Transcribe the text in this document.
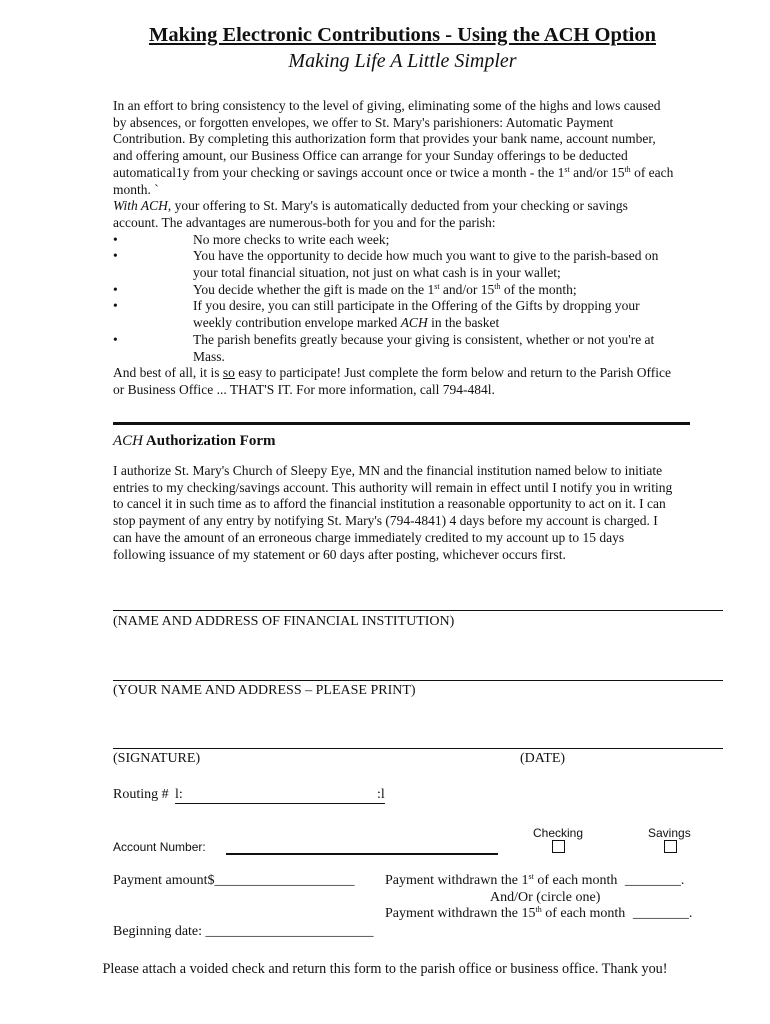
Making Electronic Contributions - Using the ACH Option
Making Life A Little Simpler

In an effort to bring consistency to the level of giving, eliminating some of the highs and lows caused
by absences, or forgotten envelopes, we offer to St. Mary's parishioners: Automatic Payment
Contribution. By completing this authorization form that provides your bank name, account number,
and offering amount, our Business Office can arrange for your Sunday offerings to be deducted
automatical1y from your checking or savings account once or twice a month - the 1st and/or 15th of each
month. `

With ACH, your offering to St. Mary's is automatically deducted from your checking or savings
account. The advantages are numerous-both for you and for the parish:

•	No more checks to write each week;
•	You have the opportunity to decide how much you want to give to the parish-based on
your total financial situation, not just on what cash is in your wallet;
•	You decide whether the gift is made on the 1st and/or 15th of the month;
•	If you desire, you can still participate in the Offering of the Gifts by dropping your
weekly contribution envelope marked ACH in the basket
•	The parish benefits greatly because your giving is consistent, whether or not you're at
Mass.

And best of all, it is so easy to participate! Just complete the form below and return to the Parish Office
or Business Office ... THAT'S IT. For more information, call 794-484l.

ACH Authorization Form
I authorize St. Mary's Church of Sleepy Eye, MN and the financial institution named below to initiate
entries to my checking/savings account. This authority will remain in effect until I notify you in writing
to cancel it in such time as to afford the financial institution a reasonable opportunity to act on it. I can
stop payment of any entry by notifying St. Mary's (794-4841) 4 days before my account is charged. I
can have the amount of an erroneous charge immediately credited to my account up to 15 days
following issuance of my statement or 60 days after posting, whichever occurs first.
(NAME AND ADDRESS OF FINANCIAL INSTITUTION)
(YOUR NAME AND ADDRESS – PLEASE PRINT)
(SIGNATURE)	(DATE)
Routing # l:	:l
Checking	Savings
Account Number:
Payment amount$____________________ Payment withdrawn the 1st of each month ________.
And/Or (circle one)
Payment withdrawn the 15th of each month ________.
Beginning date: ________________________
Please attach a voided check and return this form to the parish office or business office. Thank you!
